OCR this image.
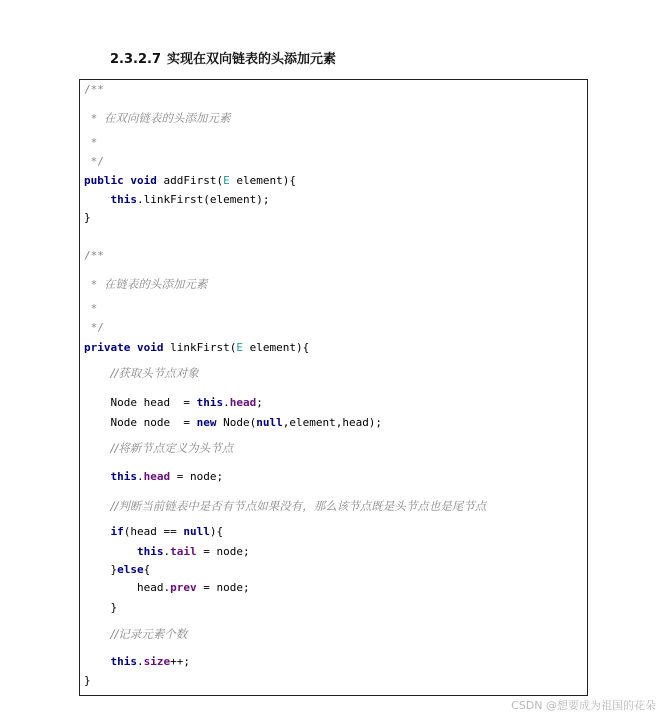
2.3.2.7 实现在双向链表的头添加元素
/**
* 在双向链表的头添加元素
*
*/
public void addFirst(E element){
this.linkFirst(element);
}
/**
* 在链表的头添加元素
*
*/
private void linkFirst(E element){
//获取头节点对象
Node head  = this.head;
Node node  = new Node(null,element,head);
//将新节点定义为头节点
this.head = node;
//判断当前链表中是否有节点如果没有，那么该节点既是头节点也是尾节点
if(head == null){
this.tail = node;
}else{
head.prev = node;
}
//记录元素个数
this.size++;
}
CSDN @想要成为祖国的花朵
